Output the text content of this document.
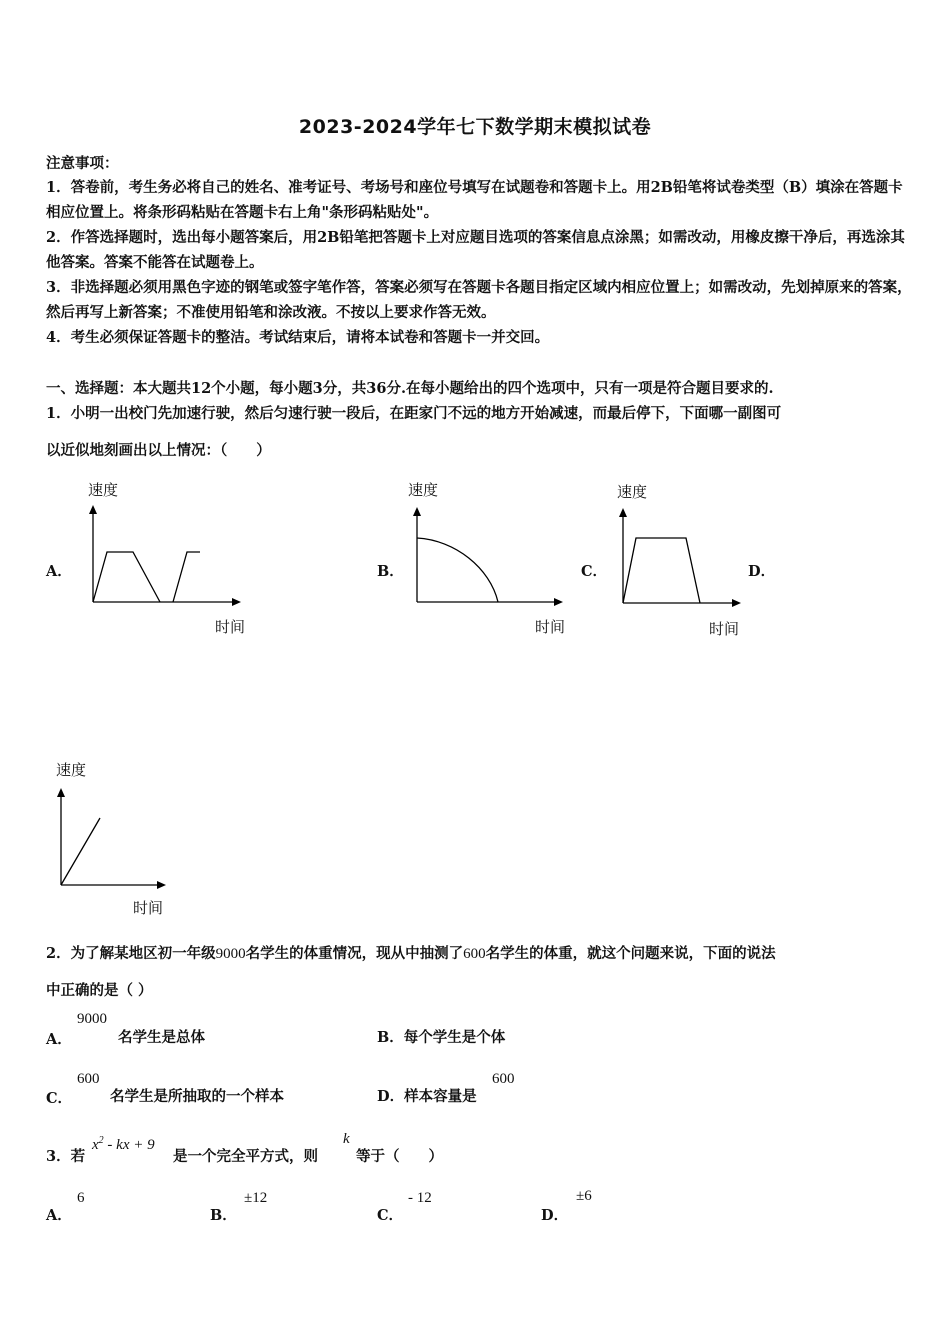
2023-2024学年七下数学期末模拟试卷
注意事项：
1．答卷前，考生务必将自己的姓名、准考证号、考场号和座位号填写在试题卷和答题卡上。用2B铅笔将试卷类型（B）填涂在答题卡相应位置上。将条形码粘贴在答题卡右上角"条形码粘贴处"。
2．作答选择题时，选出每小题答案后，用2B铅笔把答题卡上对应题目选项的答案信息点涂黑；如需改动，用橡皮擦干净后，再选涂其他答案。答案不能答在试题卷上。
3．非选择题必须用黑色字迹的钢笔或签字笔作答，答案必须写在答题卡各题目指定区域内相应位置上；如需改动，先划掉原来的答案，然后再写上新答案；不准使用铅笔和涂改液。不按以上要求作答无效。
4．考生必须保证答题卡的整洁。考试结束后，请将本试卷和答题卡一并交回。
一、选择题：本大题共12个小题，每小题3分，共36分.在每小题给出的四个选项中，只有一项是符合题目要求的.
1．小明一出校门先加速行驶，然后匀速行驶一段后，在距家门不远的地方开始减速，而最后停下，下面哪一副图可
以近似地刻画出以上情况：（　　）
速度
A．
时间
速度
B．
时间
速度
C．
时间
D．
速度
时间
2．为了解某地区初一年级9000名学生的体重情况，现从中抽测了600名学生的体重，就这个问题来说，下面的说法
中正确的是（ ）
A．
9000
名学生是总体	B．每个学生是个体
C．
600
名学生是所抽取的一个样本	D．样本容量是
600
3．若
$x^2$ - kx + 9
是一个完全平方式，则
k
等于（　　）
A．
6
B．
±12
C．
- 12
D．
±6
